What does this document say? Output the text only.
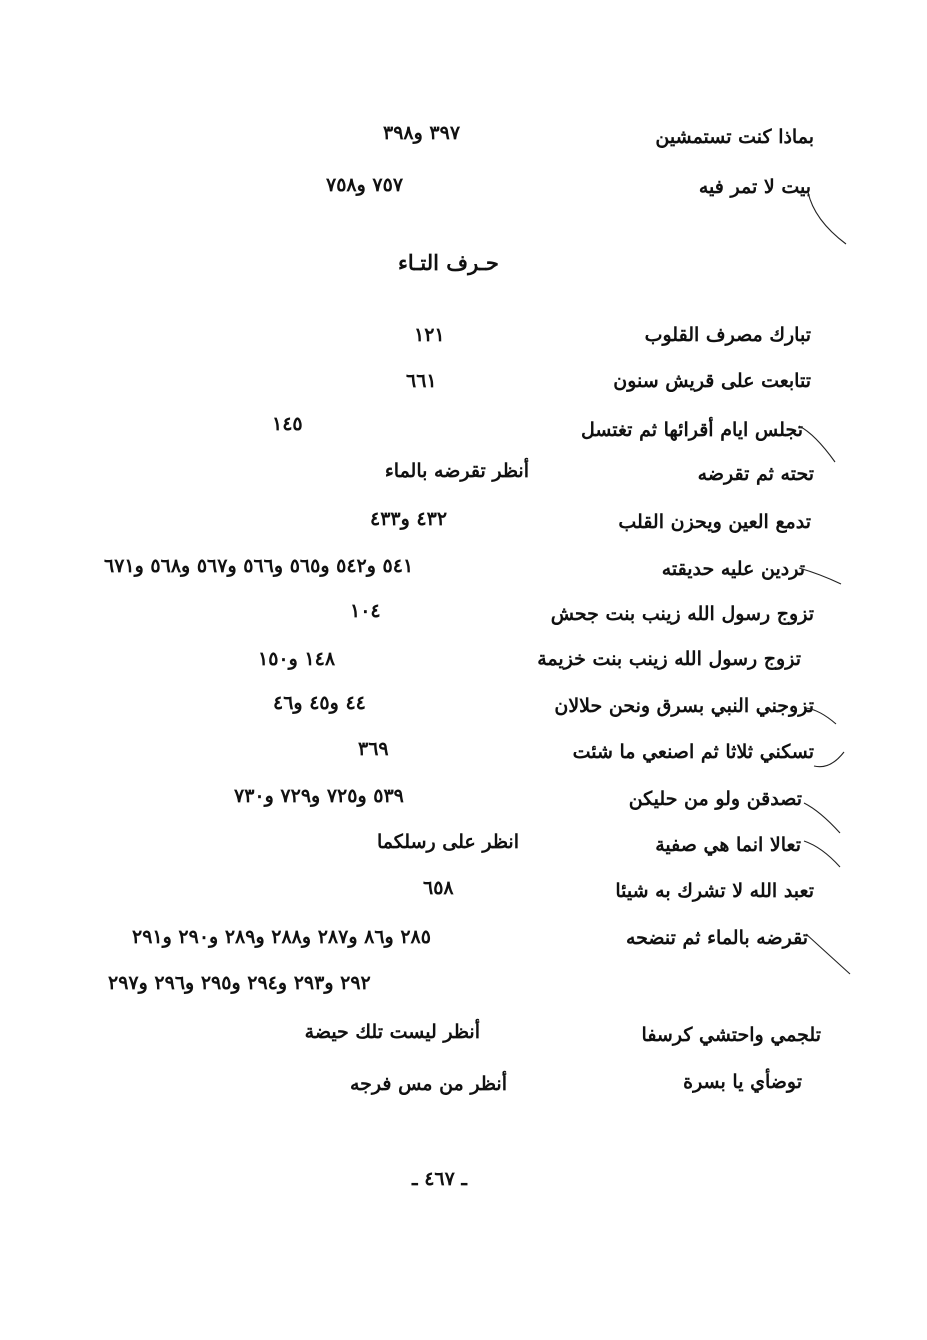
بماذا كنت تستمشين
٣٩٧ و٣٩٨
بيت لا تمر فيه
٧٥٧ و٧٥٨
حـرف التـاء
تبارك مصرف القلوب
١٢١
تتابعت على قريش سنون
٦٦١
تجلس ايام أقرائها ثم تغتسل
١٤٥
تحته ثم تقرضه
أنظر تقرضه بالماء
تدمع العين ويحزن القلب
٤٣٢ و٤٣٣
تردين عليه حديقته
٥٤١ و٥٤٢ و٥٦٥ و٥٦٦ و٥٦٧ و٥٦٨ و٦٧١
تزوج رسول الله زينب بنت جحش
١٠٤
تزوج رسول الله زينب بنت خزيمة
١٤٨ و١٥٠
تزوجني النبي بسرق ونحن حلالان
٤٤ و٤٥ و٤٦
تسكني ثلاثا ثم اصنعي ما شئت
٣٦٩
تصدقن ولو من حليكن
٥٣٩ و٧٢٥ و٧٢٩ و٧٣٠
تعالا انما هي صفية
انظر على رسلكما
تعبد الله لا تشرك به شيئا
٦٥٨
تقرضه بالماء ثم تنضحه
٢٨٥ و٨٦ و٢٨٧ و٢٨٨ و٢٨٩ و٢٩٠ و٢٩١
٢٩٢ و٢٩٣ و٢٩٤ و٢٩٥ و٢٩٦ و٢٩٧
تلجمي واحتشي كرسفا
أنظر ليست تلك حيضة
توضأي يا بسرة
أنظر من مس فرجه
ـ ٤٦٧ ـ
